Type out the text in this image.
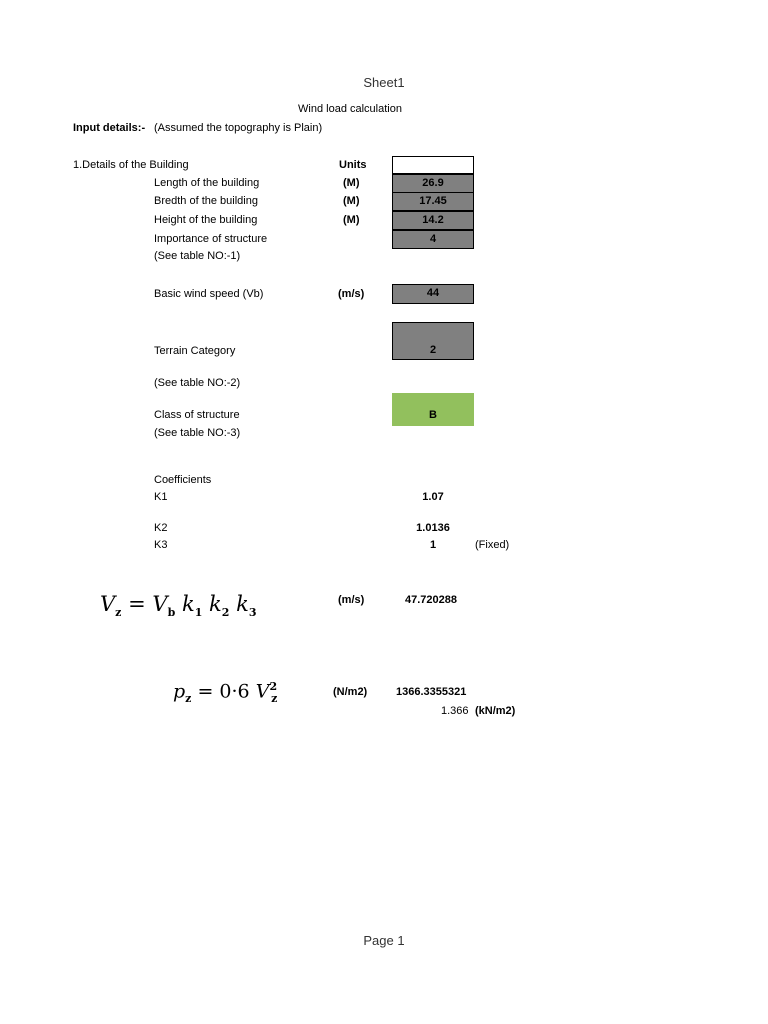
Sheet1
Wind load calculation
Input details:- (Assumed the topography is Plain)
1.Details of the Building	Units
Length of the building	(M)	26.9
Bredth of the building	(M)	17.45
Height of the building	(M)	14.2
Importance of structure	4
(See table NO:-1)
Basic wind speed (Vb)	(m/s)	44
Terrain Category	2
(See table NO:-2)
Class of structure	B
(See table NO:-3)
Coefficients
K1	1.07
K2	1.0136
K3	1	(Fixed)
$V_z = V_b$ $k_1$ $k_2$ $k_3$
(m/s)	47.720288
$p_z = 0\cdot 6$ $V^2_z$
(N/m2)	1366.3355321
1.366 (kN/m2)
Page 1
